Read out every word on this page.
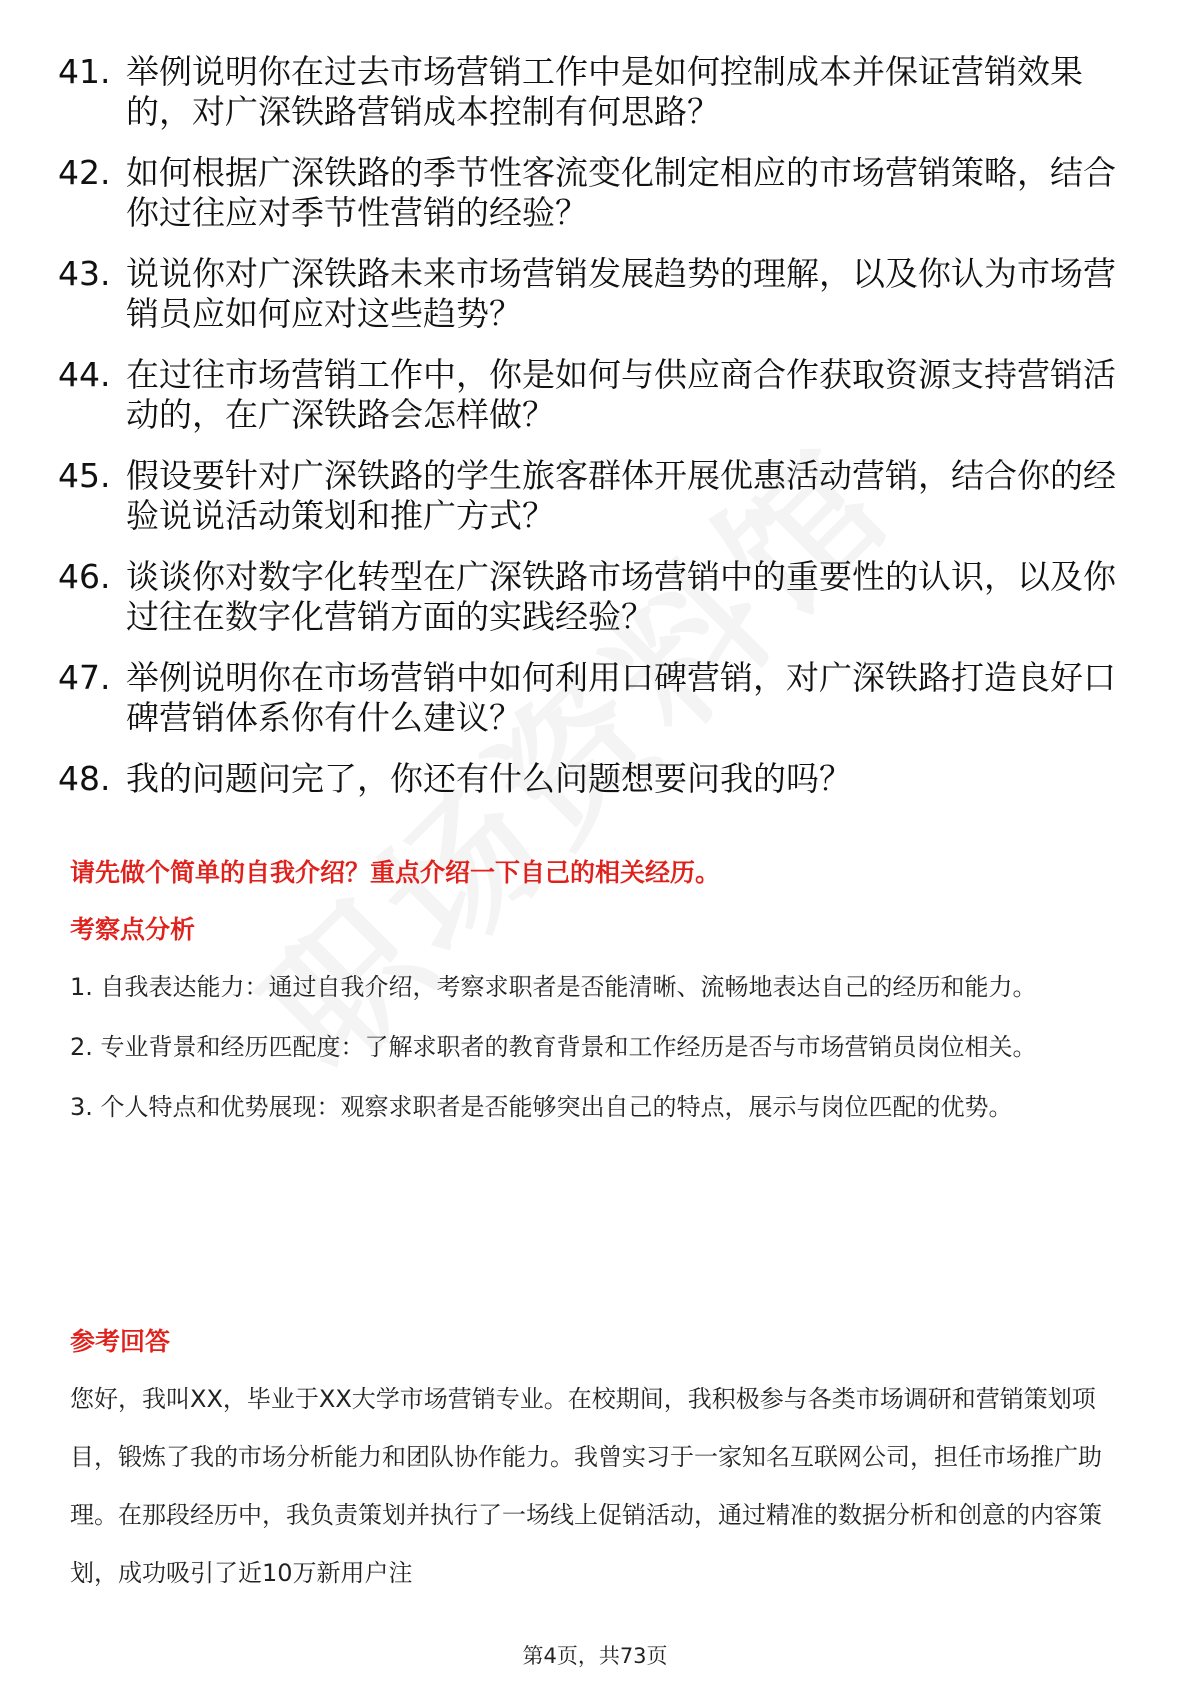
41. 举例说明你在过去市场营销工作中是如何控制成本并保证营销效果的，对广深铁路营销成本控制有何思路？
42. 如何根据广深铁路的季节性客流变化制定相应的市场营销策略，结合你过往应对季节性营销的经验？
43. 说说你对广深铁路未来市场营销发展趋势的理解，以及你认为市场营销员应如何应对这些趋势？
44. 在过往市场营销工作中，你是如何与供应商合作获取资源支持营销活动的，在广深铁路会怎样做？
45. 假设要针对广深铁路的学生旅客群体开展优惠活动营销，结合你的经验说说活动策划和推广方式？
46. 谈谈你对数字化转型在广深铁路市场营销中的重要性的认识，以及你过往在数字化营销方面的实践经验？
47. 举例说明你在市场营销中如何利用口碑营销，对广深铁路打造良好口碑营销体系你有什么建议？
48. 我的问题问完了，你还有什么问题想要问我的吗？
请先做个简单的自我介绍？重点介绍一下自己的相关经历。
考察点分析

1. 自我表达能力：通过自我介绍，考察求职者是否能清晰、流畅地表达自己的经历和能力。

2. 专业背景和经历匹配度：了解求职者的教育背景和工作经历是否与市场营销员岗位相关。

3. 个人特点和优势展现：观察求职者是否能够突出自己的特点，展示与岗位匹配的优势。

参考回答

您好，我叫XX，毕业于XX大学市场营销专业。在校期间，我积极参与各类市场调研和营销策划项目，锻炼了我的市场分析能力和团队协作能力。我曾实习于一家知名互联网公司，担任市场推广助理。在那段经历中，我负责策划并执行了一场线上促销活动，通过精准的数据分析和创意的内容策划，成功吸引了近10万新用户注

第4页，共73页
